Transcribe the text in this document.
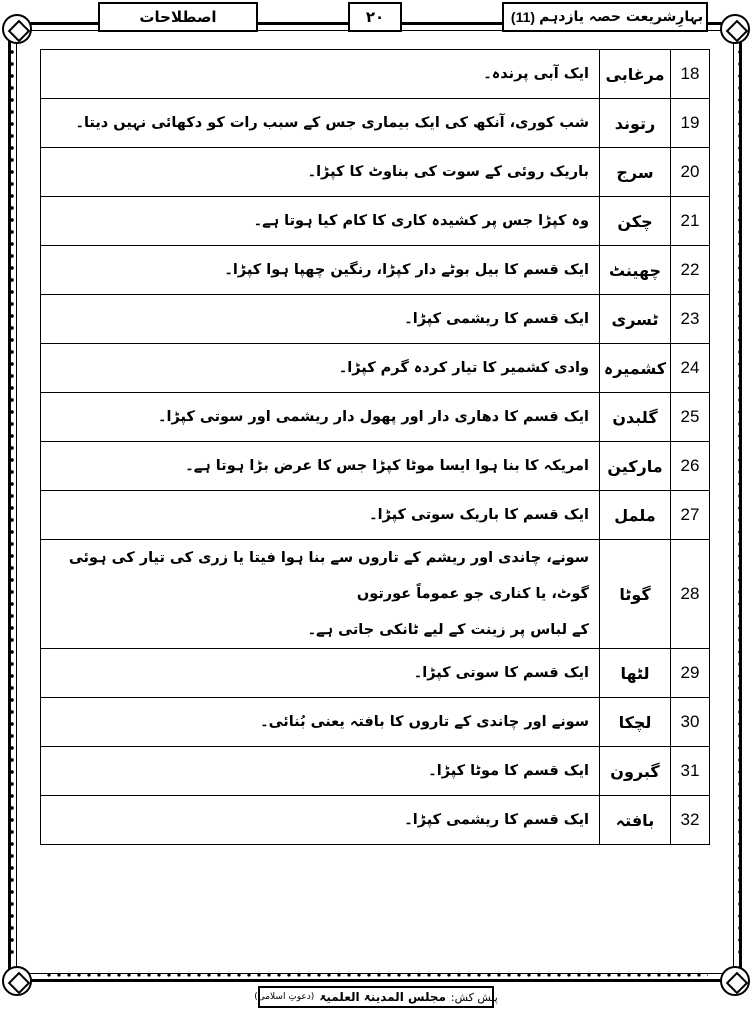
اصطلاحات	۲۰	بہارِشریعت حصہ یازدہم
(11)
18	مرغابی	ایک آبی پرندہ۔
19	رتوند	شب کوری، آنکھ کی ایک بیماری جس کے سبب رات کو دکھائی نہیں دیتا۔
20	سرج	باریک روئی کے سوت کی بناوٹ کا کپڑا۔
21	چکن	وہ کپڑا جس پر کشیدہ کاری کا کام کیا ہوتا ہے۔
22	چھینٹ	ایک قسم کا بیل بوٹے دار کپڑا، رنگین چھپا ہوا کپڑا۔
23	ٹسری	ایک قسم کا ریشمی کپڑا۔
24	کشمیرہ	وادی کشمیر کا تیار کردہ گرم کپڑا۔
25	گلبدن	ایک قسم کا دھاری دار اور پھول دار ریشمی اور سوتی کپڑا۔
26	مارکین	امریکہ کا بنا ہوا ایسا موٹا کپڑا جس کا عرض بڑا ہوتا ہے۔
27	ململ	ایک قسم کا باریک سوتی کپڑا۔
28	گوٹا	سونے، چاندی اور ریشم کے تاروں سے بنا ہوا فیتا یا زری کی تیار کی ہوئی گوٹ، یا کناری جو عموماً عورتوں
کے لباس پر زینت کے لیے ٹانکی جاتی ہے۔

29	لٹھا	ایک قسم کا سوتی کپڑا۔
30	لچکا	سونے اور چاندی کے تاروں کا بافتہ یعنی بُنائی۔
31	گبرون	ایک قسم کا موٹا کپڑا۔
32	بافتہ	ایک قسم کا ریشمی کپڑا۔
پیش کش:
مجلس المدینۃ العلمیۃ
(دعوتِ اسلامی)
